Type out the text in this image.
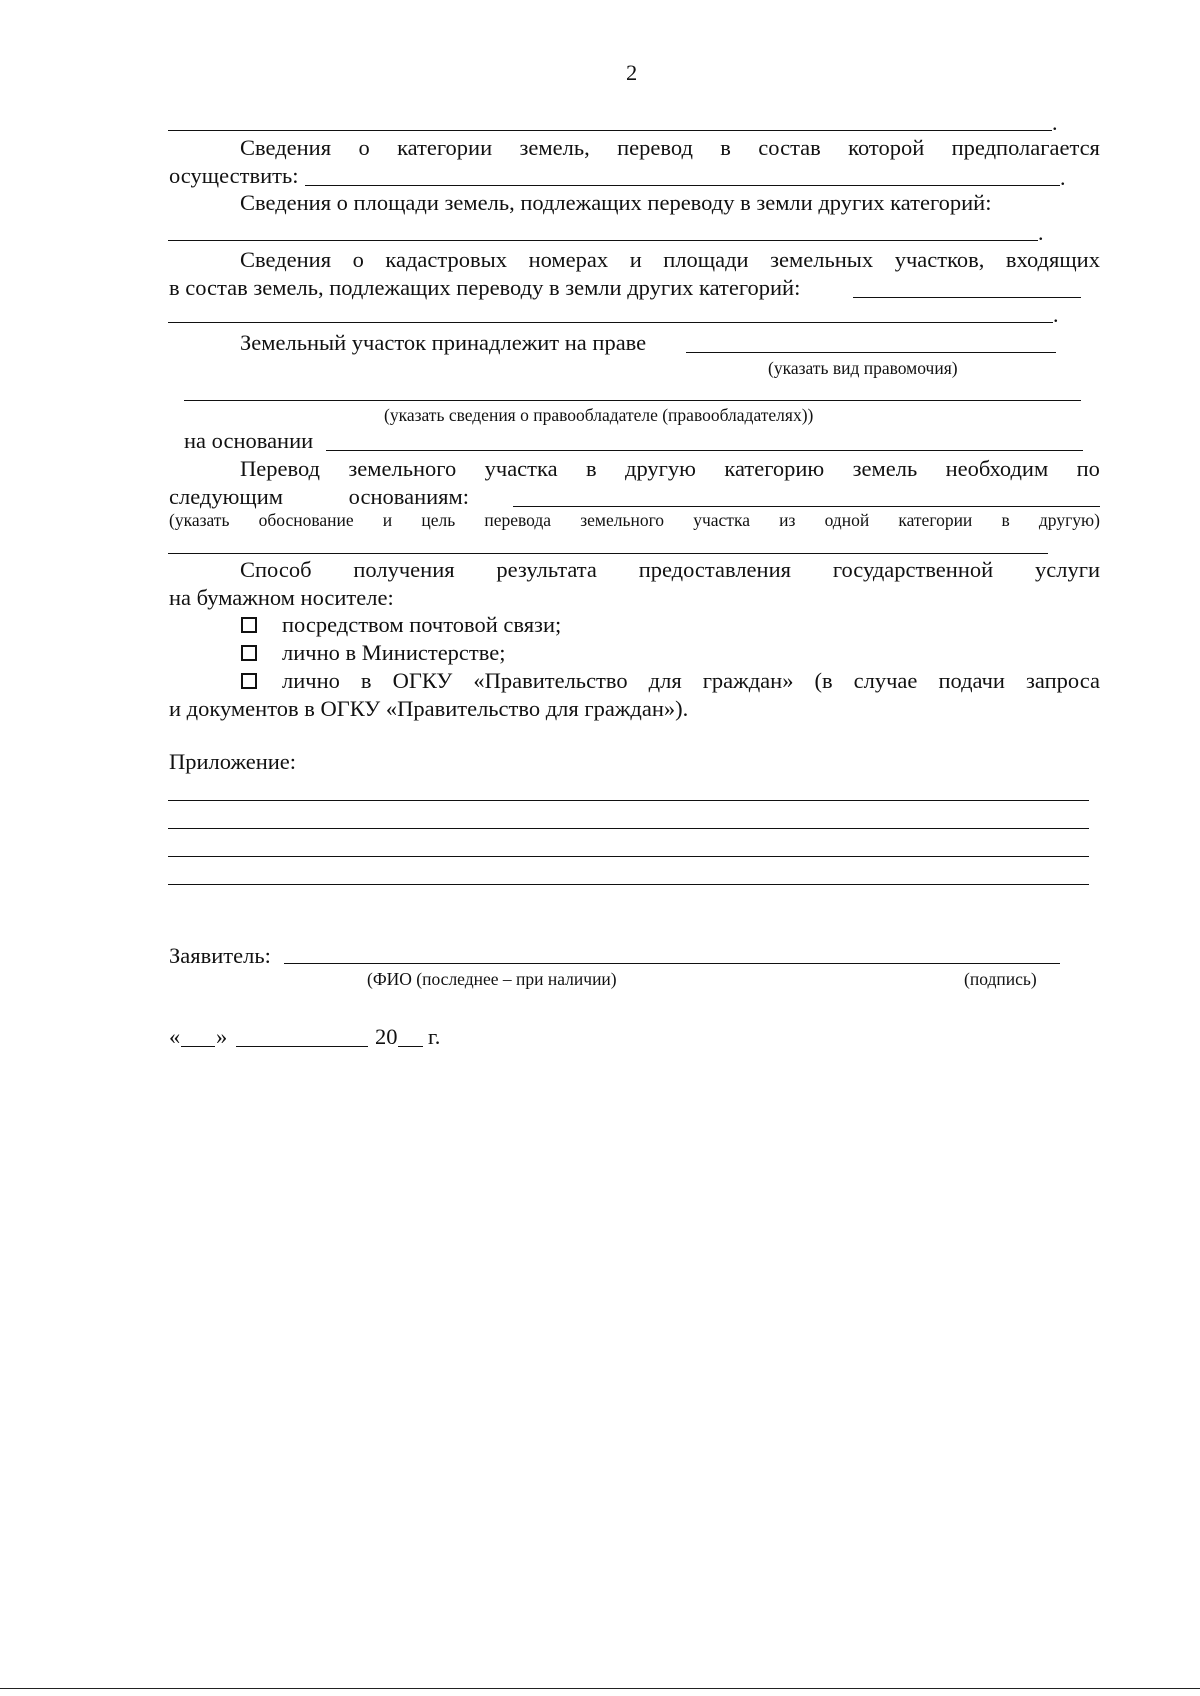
2
.
Сведения о категории земель, перевод в состав которой предполагается
осуществить:	.
Сведения о площади земель, подлежащих переводу в земли других категорий:
.
Сведения о кадастровых номерах и площади земельных участков, входящих
в состав земель, подлежащих переводу в земли других категорий:
.
Земельный участок принадлежит на праве
(указать вид правомочия)
(указать сведения о правообладателе (правообладателях))
на основании
Перевод земельного участка в другую категорию земель необходим по
следующим	основаниям:
(указать обоснование и цель перевода земельного участка из одной категории в другую)
Способ получения результата предоставления государственной услуги
на бумажном носителе:
посредством почтовой связи;
лично в Министерстве;
лично в ОГКУ «Правительство для граждан» (в случае подачи запроса
и документов в ОГКУ «Правительство для граждан»).
Приложение:
Заявитель:
(ФИО (последнее – при наличии)	(подпись)
« »	20 г.
